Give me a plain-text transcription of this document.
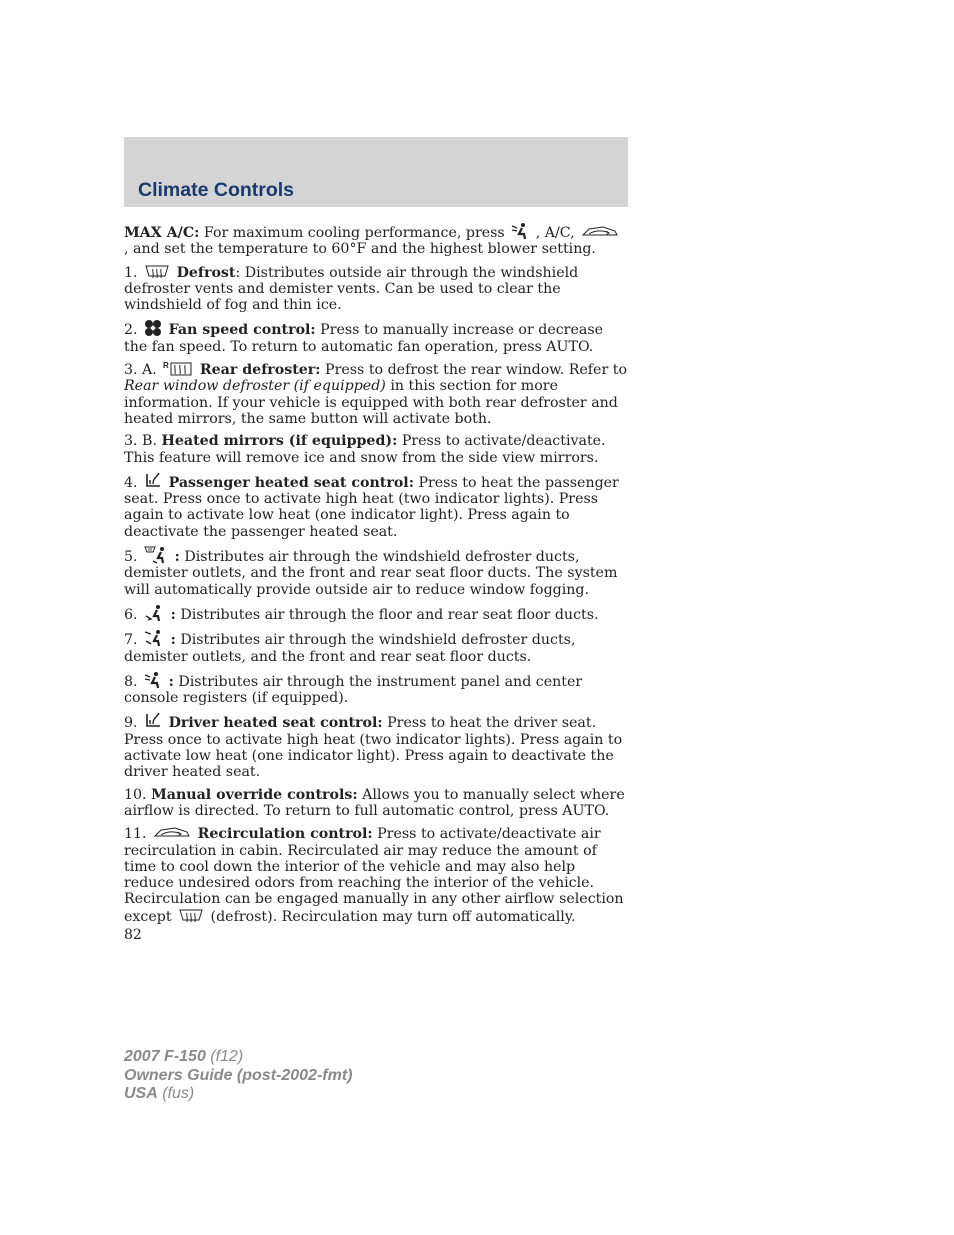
Climate Controls

MAX A/C: For maximum cooling performance, press  , A/C,  , and set the temperature to 60°F and the highest blower setting.

1.  Defrost: Distributes outside air through the windshield defroster vents and demister vents. Can be used to clear the windshield of fog and thin ice.

2.  Fan speed control: Press to manually increase or decrease the fan speed. To return to automatic fan operation, press AUTO.

3. A. R Rear defroster: Press to defrost the rear window. Refer to Rear window defroster (if equipped) in this section for more information. If your vehicle is equipped with both rear defroster and heated mirrors, the same button will activate both.

3. B. Heated mirrors (if equipped): Press to activate/deactivate. This feature will remove ice and snow from the side view mirrors.

4.  Passenger heated seat control: Press to heat the passenger seat. Press once to activate high heat (two indicator lights). Press again to activate low heat (one indicator light). Press again to deactivate the passenger heated seat.

5.  : Distributes air through the windshield defroster ducts, demister outlets, and the front and rear seat floor ducts. The system will automatically provide outside air to reduce window fogging.

6.  : Distributes air through the floor and rear seat floor ducts.

7.  : Distributes air through the windshield defroster ducts, demister outlets, and the front and rear seat floor ducts.

8.  : Distributes air through the instrument panel and center console registers (if equipped).

9.  Driver heated seat control: Press to heat the driver seat. Press once to activate high heat (two indicator lights). Press again to activate low heat (one indicator light). Press again to deactivate the driver heated seat.

10. Manual override controls: Allows you to manually select where airflow is directed. To return to full automatic control, press AUTO.

11.	Recirculation control: Press to activate/deactivate air recirculation in cabin. Recirculated air may reduce the amount of time to cool down the interior of the vehicle and may also help reduce undesired odors from reaching the interior of the vehicle. Recirculation can be engaged manually in any other airflow selection except  (defrost). Recirculation may turn off automatically.

82
2007 F-150 (f12)
Owners Guide (post-2002-fmt)
USA (fus)
